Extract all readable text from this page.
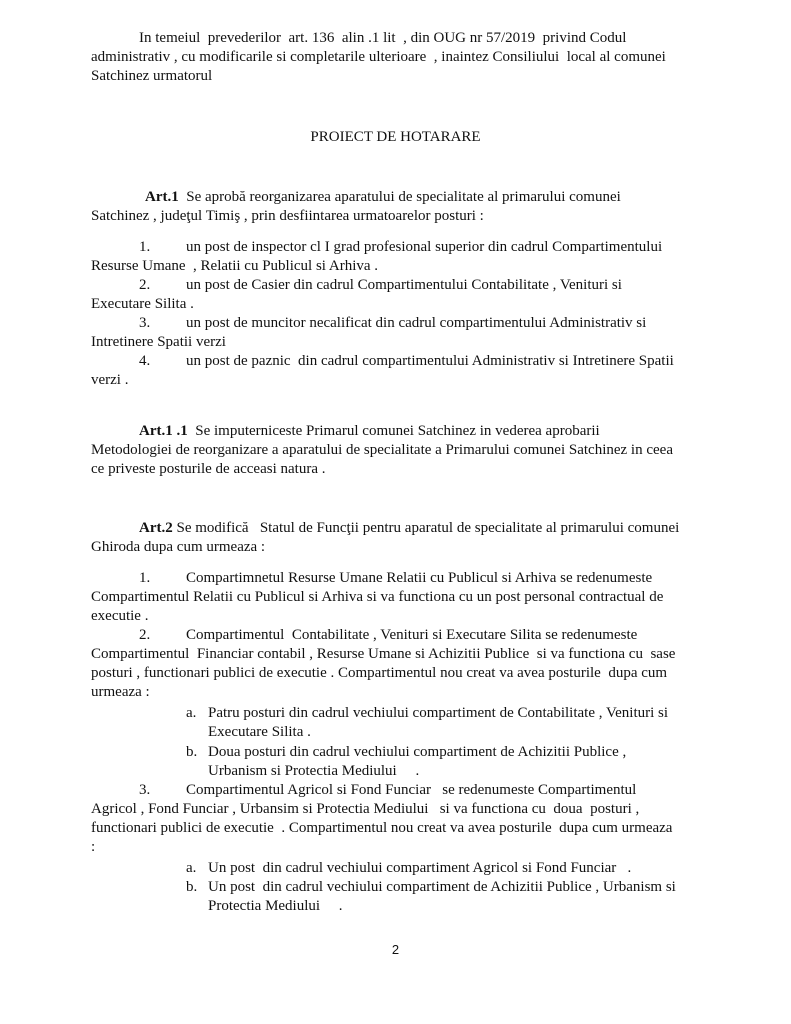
In temeiul  prevederilor  art. 136  alin .1 lit  , din OUG nr 57/2019  privind Codul
administrativ , cu modificarile si completarile ulterioare  , inaintez Consiliului  local al comunei
Satchinez urmatorul
PROIECT DE HOTARARE
Art.1  Se aprobă reorganizarea aparatului de specialitate al primarului comunei
Satchinez , judeţul Timiş , prin desfiintarea urmatoarelor posturi :
1. un post de inspector cl I grad profesional superior din cadrul Compartimentului
Resurse Umane  , Relatii cu Publicul si Arhiva .
2. un post de Casier din cadrul Compartimentului Contabilitate , Venituri si
Executare Silita .
3. un post de muncitor necalificat din cadrul compartimentului Administrativ si
Intretinere Spatii verzi
4. un post de paznic  din cadrul compartimentului Administrativ si Intretinere Spatii
verzi .
Art.1 .1  Se imputerniceste Primarul comunei Satchinez in vederea aprobarii
Metodologiei de reorganizare a aparatului de specialitate a Primarului comunei Satchinez in ceea
ce priveste posturile de acceasi natura .
Art.2 Se modifică   Statul de Funcţii pentru aparatul de specialitate al primarului comunei
Ghiroda dupa cum urmeaza :
1. Compartimnetul Resurse Umane Relatii cu Publicul si Arhiva se redenumeste
Compartimentul Relatii cu Publicul si Arhiva si va functiona cu un post personal contractual de
executie .
2. Compartimentul  Contabilitate , Venituri si Executare Silita se redenumeste
Compartimentul  Financiar contabil , Resurse Umane si Achizitii Publice  si va functiona cu  sase
posturi , functionari publici de executie . Compartimentul nou creat va avea posturile  dupa cum
urmeaza :
a. Patru posturi din cadrul vechiului compartiment de Contabilitate , Venituri si
Executare Silita .
b. Doua posturi din cadrul vechiului compartiment de Achizitii Publice ,
Urbanism si Protectia Mediului     .
3. Compartimentul Agricol si Fond Funciar   se redenumeste Compartimentul
Agricol , Fond Funciar , Urbansim si Protectia Mediului   si va functiona cu  doua  posturi ,
functionari publici de executie  . Compartimentul nou creat va avea posturile  dupa cum urmeaza
:
a. Un post  din cadrul vechiului compartiment Agricol si Fond Funciar   .
b. Un post  din cadrul vechiului compartiment de Achizitii Publice , Urbanism si
Protectia Mediului     .
2
